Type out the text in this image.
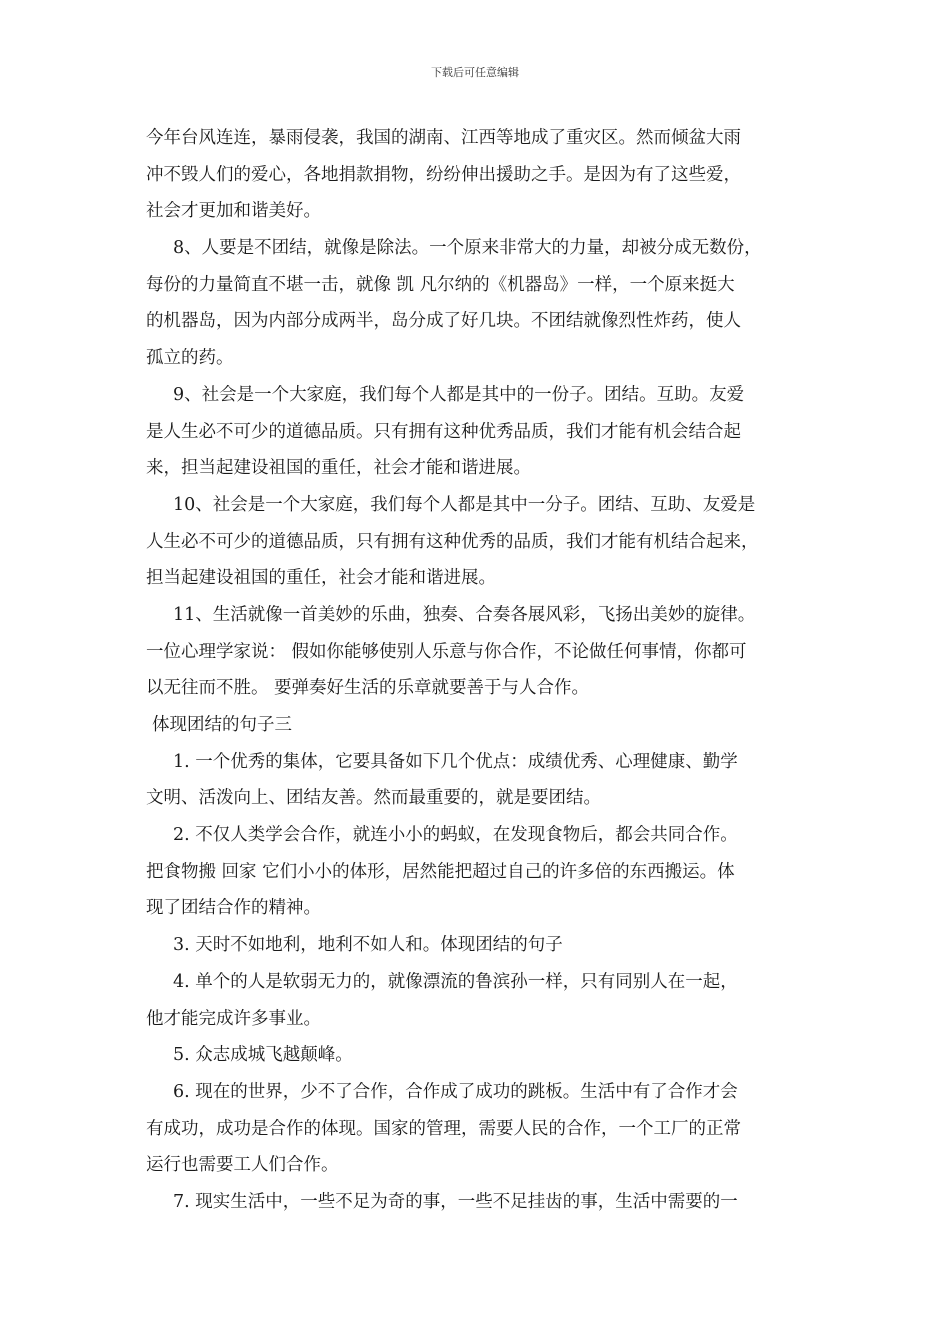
下载后可任意编辑
今年台风连连，暴雨侵袭，我国的湖南、江西等地成了重灾区。然而倾盆大雨
冲不毁人们的爱心，各地捐款捐物，纷纷伸出援助之手。是因为有了这些爱，
社会才更加和谐美好。
8、人要是不团结，就像是除法。一个原来非常大的力量，却被分成无数份，
每份的力量简直不堪一击，就像 凯 凡尔纳的《机器岛》一样，一个原来挺大
的机器岛，因为内部分成两半，岛分成了好几块。不团结就像烈性炸药，使人
孤立的药。
9、社会是一个大家庭，我们每个人都是其中的一份子。团结。互助。友爱
是人生必不可少的道德品质。只有拥有这种优秀品质，我们才能有机会结合起
来，担当起建设祖国的重任，社会才能和谐进展。
10、社会是一个大家庭，我们每个人都是其中一分子。团结、互助、友爱是
人生必不可少的道德品质，只有拥有这种优秀的品质，我们才能有机结合起来，
担当起建设祖国的重任，社会才能和谐进展。
11、生活就像一首美妙的乐曲，独奏、合奏各展风彩，飞扬出美妙的旋律。
一位心理学家说： 假如你能够使别人乐意与你合作，不论做任何事情，你都可
以无往而不胜。 要弹奏好生活的乐章就要善于与人合作。
体现团结的句子三
1. 一个优秀的集体，它要具备如下几个优点：成绩优秀、心理健康、勤学
文明、活泼向上、团结友善。然而最重要的，就是要团结。
2. 不仅人类学会合作，就连小小的蚂蚁，在发现食物后，都会共同合作。
把食物搬 回家 它们小小的体形，居然能把超过自己的许多倍的东西搬运。体
现了团结合作的精神。
3. 天时不如地利，地利不如人和。体现团结的句子
4. 单个的人是软弱无力的，就像漂流的鲁滨孙一样，只有同别人在一起，
他才能完成许多事业。
5. 众志成城飞越颠峰。
6. 现在的世界，少不了合作，合作成了成功的跳板。生活中有了合作才会
有成功，成功是合作的体现。国家的管理，需要人民的合作，一个工厂的正常
运行也需要工人们合作。
7. 现实生活中，一些不足为奇的事，一些不足挂齿的事，生活中需要的一
